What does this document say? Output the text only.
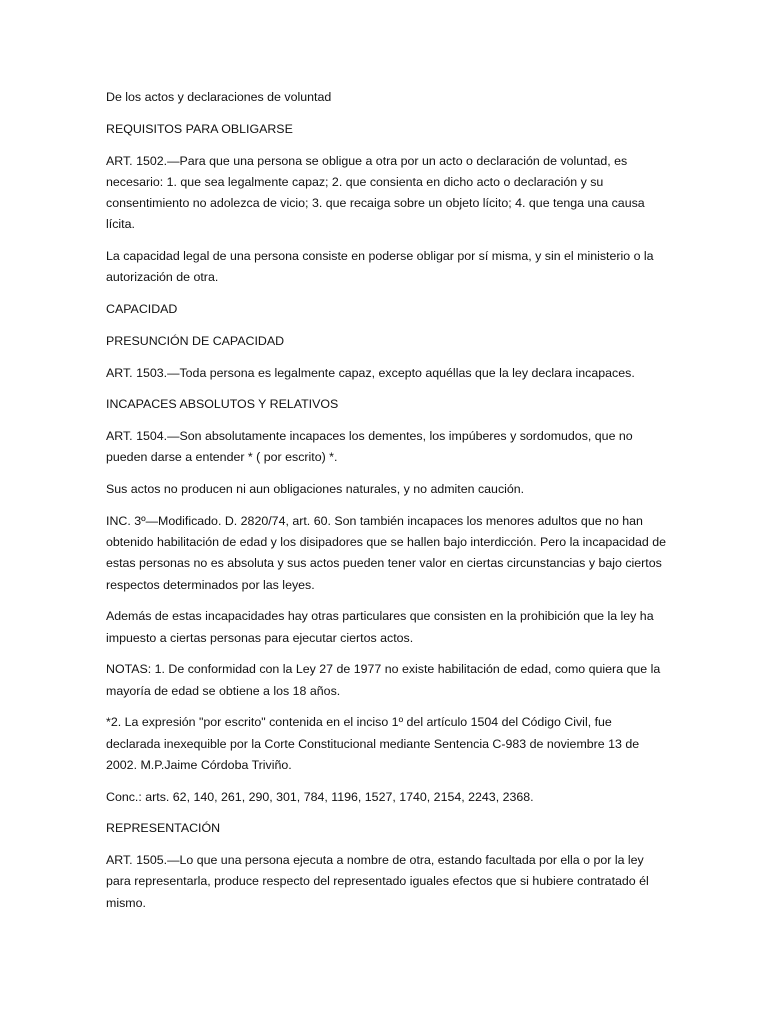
De los actos y declaraciones de voluntad

REQUISITOS PARA OBLIGARSE

ART. 1502.—Para que una persona se obligue a otra por un acto o declaración de voluntad, es necesario: 1. que sea legalmente capaz; 2. que consienta en dicho acto o declaración y su consentimiento no adolezca de vicio; 3. que recaiga sobre un objeto lícito; 4. que tenga una causa lícita.

La capacidad legal de una persona consiste en poderse obligar por sí misma, y sin el ministerio o la autorización de otra.

CAPACIDAD

PRESUNCIÓN DE CAPACIDAD

ART. 1503.—Toda persona es legalmente capaz, excepto aquéllas que la ley declara incapaces.

INCAPACES ABSOLUTOS Y RELATIVOS

ART. 1504.—Son absolutamente incapaces los dementes, los impúberes y sordomudos, que no pueden darse a entender * ( por escrito) *.

Sus actos no producen ni aun obligaciones naturales, y no admiten caución.

INC. 3º—Modificado. D. 2820/74, art. 60. Son también incapaces los menores adultos que no han obtenido habilitación de edad y los disipadores que se hallen bajo interdicción. Pero la incapacidad de estas personas no es absoluta y sus actos pueden tener valor en ciertas circunstancias y bajo ciertos respectos determinados por las leyes.

Además de estas incapacidades hay otras particulares que consisten en la prohibición que la ley ha impuesto a ciertas personas para ejecutar ciertos actos.

NOTAS: 1. De conformidad con la Ley 27 de 1977 no existe habilitación de edad, como quiera que la mayoría de edad se obtiene a los 18 años.

*2. La expresión "por escrito" contenida en el inciso 1º del artículo 1504 del Código Civil, fue declarada inexequible por la Corte Constitucional mediante Sentencia C-983 de noviembre 13 de 2002. M.P.Jaime Córdoba Triviño.

Conc.: arts. 62, 140, 261, 290, 301, 784, 1196, 1527, 1740, 2154, 2243, 2368.

REPRESENTACIÓN

ART. 1505.—Lo que una persona ejecuta a nombre de otra, estando facultada por ella o por la ley para representarla, produce respecto del representado iguales efectos que si hubiere contratado él mismo.
